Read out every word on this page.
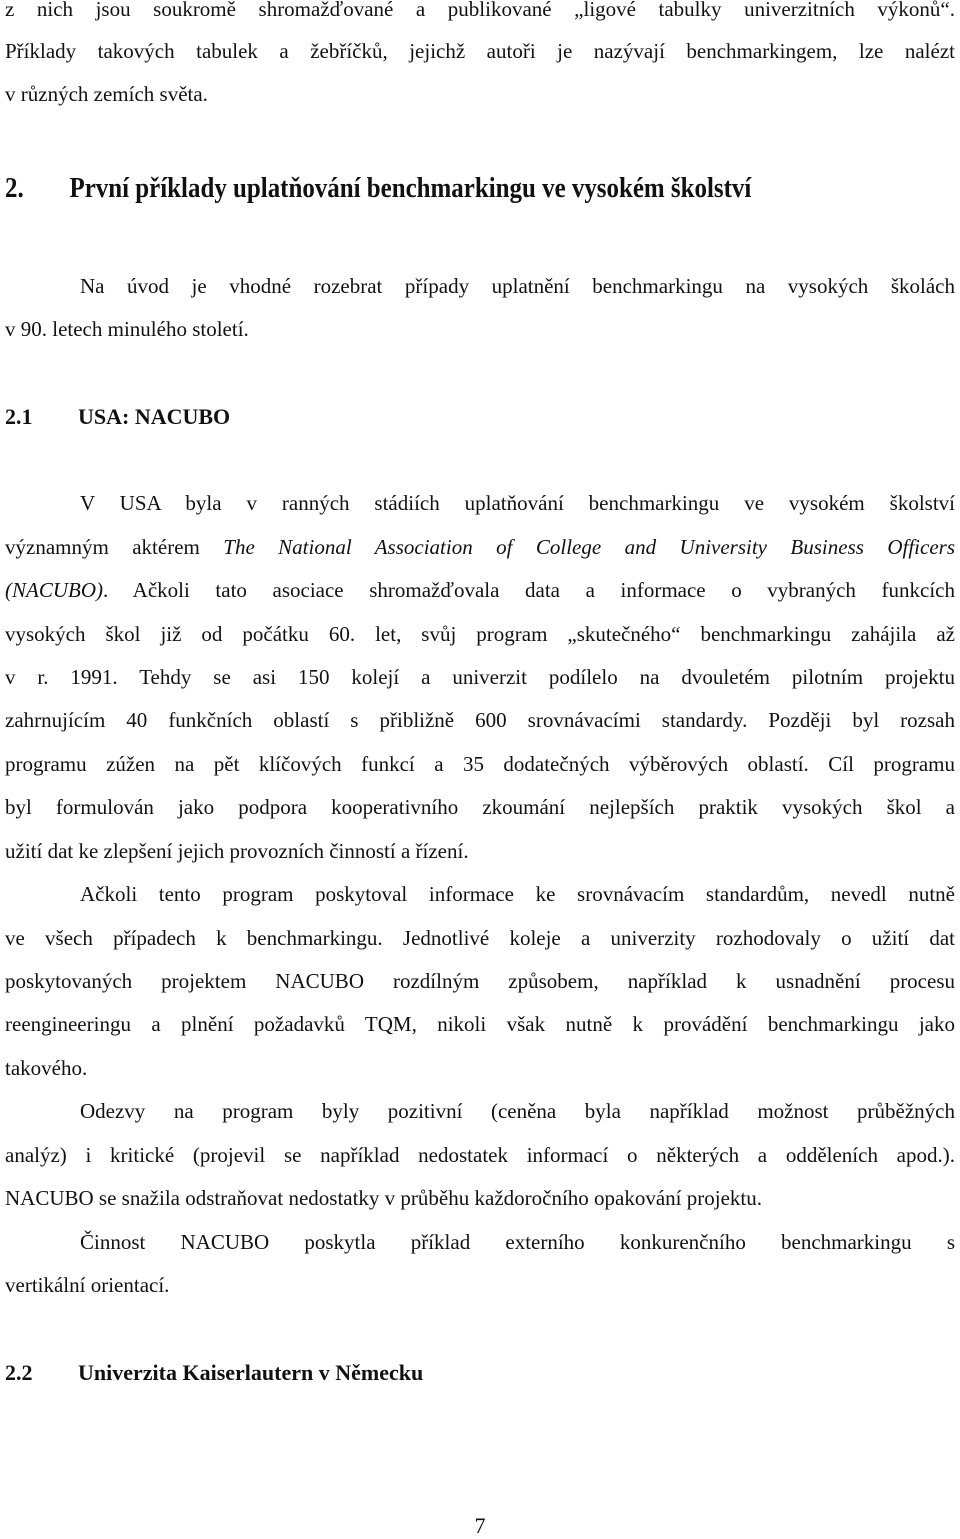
z nich jsou soukromě shromažďované a publikované „ligové tabulky univerzitních výkonů“.
Příklady takových tabulek a žebříčků, jejichž autoři je nazývají benchmarkingem, lze nalézt
v různých zemích světa.
2. První příklady uplatňování benchmarkingu ve vysokém školství
Na úvod je vhodné rozebrat případy uplatnění benchmarkingu na vysokých školách
v 90. letech minulého století.
2.1 USA: NACUBO
V USA byla v ranných stádiích uplatňování benchmarkingu ve vysokém školství
významným aktérem The National Association of College and University Business Officers
(NACUBO). Ačkoli tato asociace shromažďovala data a informace o vybraných funkcích
vysokých škol již od počátku 60. let, svůj program „skutečného“ benchmarkingu zahájila až
v r. 1991. Tehdy se asi 150 kolejí a univerzit podílelo na dvouletém pilotním projektu
zahrnujícím 40 funkčních oblastí s přibližně 600 srovnávacími standardy. Později byl rozsah
programu zúžen na pět klíčových funkcí a 35 dodatečných výběrových oblastí. Cíl programu
byl formulován jako podpora kooperativního zkoumání nejlepších praktik vysokých škol a
užití dat ke zlepšení jejich provozních činností a řízení.
Ačkoli tento program poskytoval informace ke srovnávacím standardům, nevedl nutně
ve všech případech k benchmarkingu. Jednotlivé koleje a univerzity rozhodovaly o užití dat
poskytovaných projektem NACUBO rozdílným způsobem, například k usnadnění procesu
reengineeringu a plnění požadavků TQM, nikoli však nutně k provádění benchmarkingu jako
takového.
Odezvy na program byly pozitivní (ceněna byla například možnost průběžných
analýz) i kritické (projevil se například nedostatek informací o některých a odděleních apod.).
NACUBO se snažila odstraňovat nedostatky v průběhu každoročního opakování projektu.
Činnost NACUBO poskytla příklad externího konkurenčního benchmarkingu s
vertikální orientací.
2.2 Univerzita Kaiserlautern v Německu
7
